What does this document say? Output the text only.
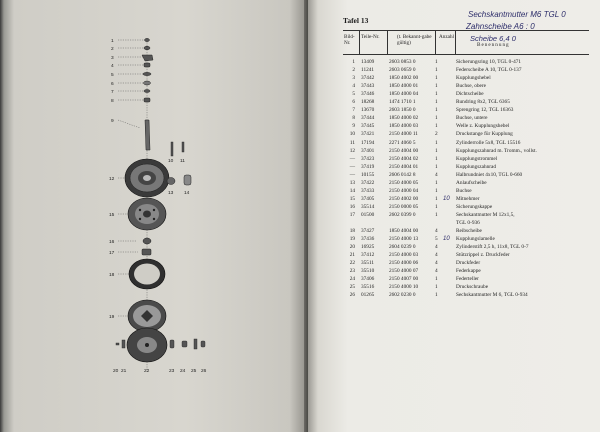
1
2
3
4
5
6
7
8
9
10 11
12
13 14
15
16
17
18
19
20 21	22	23 24 25 26
Tafel 13
Sechskantmutter M6 TGL 0
Zahnscheibe A6 : 0
Scheibe 6,4 0
Bild-Nr.
Teile-Nr.	(t. Bekannt-gabe gültig)
Anzahl
Benennung
1 13409	2603 0853 0	1	Sicherungsring 10, TGL 0-471
2 11241	2603 0659 0	1	Federscheibe A 10, TGL 0-137
3 37442	1850 4002 00	1	Kupplungshebel
4 37443	1850 4000 01	1	Buchse, obere
5 37446	1850 4000 04	1	Dichtscheibe
6 18268	1474 1710 1	1	Rundring 8x2, TGL 6365
7 13670	2603 1850 0	1	Sprengring 12, TGL 16363
8 37444	1850 4000 02	1	Buchse, untere
9 37445	1850 4000 03	1	Welle z. Kupplungshebel
10 37421	2150 4000 11	2	Druckstange für Kupplung
11 17194	2271 4060 5	1	Zylinderrolle 5x8, TGL 15516
12 37401	2150 4004 00	1	Kupplungszahnrad m. Tromm., vollst.
— 37423	2150 4004 02	1	Kupplungstrommel
— 37419	2150 4004 01	1	Kupplungszahnrad
— 10155	2606 0142 8	4	Halbrundniet 4x10, TGL 0-660
13 37422	2150 4000 05	1	Anlaufscheibe
14 37433	2150 4000 04	1	Buchse
15 37405	2150 4002 00	1	Mitnehmer
10
16 35514	2150 0000 05	1	Sicherungskappe
17 01500	2602 0399 0	1	Sechskantmutter M 12x1,5,
TGL 0-936
18 37427	1850 4004 00	4	Reibscheibe
19 37436	2150 4000 13	5	Kupplungslamelle
10
20 16925	2604 0239 0	4	Zylinderstift 2,5 h, 11x8, TGL 0-7
21 37412	2150 4000 03	4	Stützrippel z. Druckfeder
22 35511	2150 4000 06	4	Druckfeder
23 35510	2150 4000 07	4	Federkappe
24 37406	2150 4007 00	1	Federteller
25 35516	2150 4000 10	1	Druckschraube
26 01265	2602 0230 0	1	Sechskantmutter M 6, TGL 0-934
